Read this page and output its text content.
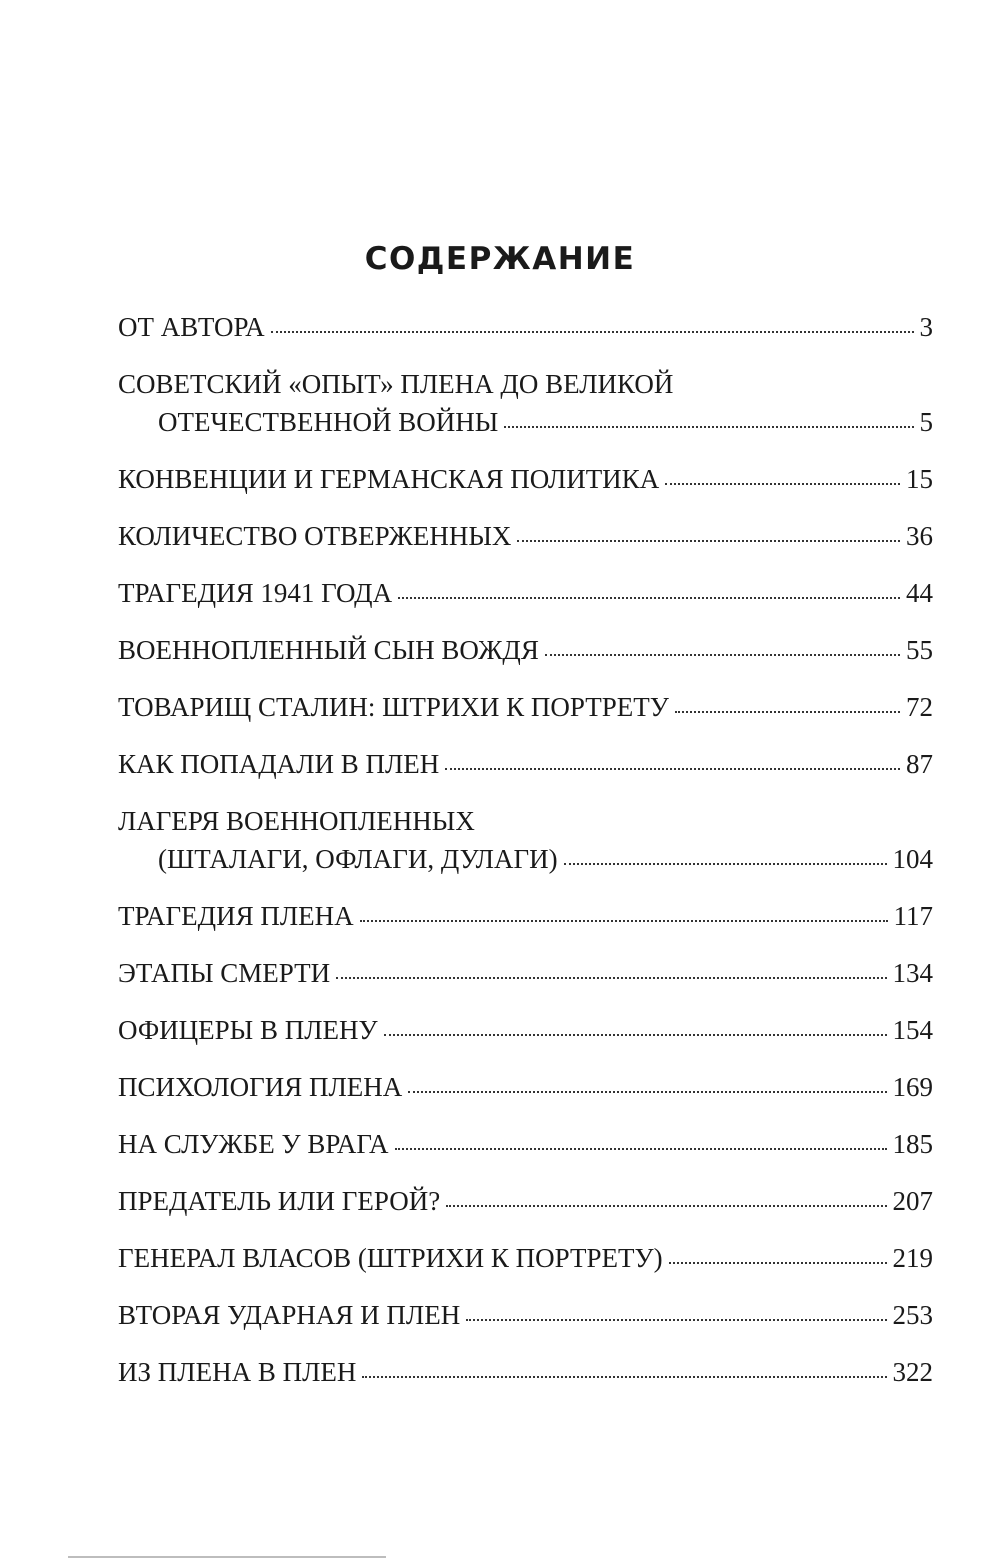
СОДЕРЖАНИЕ
ОТ АВТОРА	3
СОВЕТСКИЙ «ОПЫТ» ПЛЕНА ДО ВЕЛИКОЙ
ОТЕЧЕСТВЕННОЙ ВОЙНЫ	5
КОНВЕНЦИИ И ГЕРМАНСКАЯ ПОЛИТИКА	15
КОЛИЧЕСТВО ОТВЕРЖЕННЫХ	36
ТРАГЕДИЯ 1941 ГОДА	44
ВОЕННОПЛЕННЫЙ СЫН ВОЖДЯ	55
ТОВАРИЩ СТАЛИН: ШТРИХИ К ПОРТРЕТУ	72
КАК ПОПАДАЛИ В ПЛЕН	87
ЛАГЕРЯ ВОЕННОПЛЕННЫХ
(ШТАЛАГИ, ОФЛАГИ, ДУЛАГИ)	104
ТРАГЕДИЯ ПЛЕНА	117
ЭТАПЫ СМЕРТИ	134
ОФИЦЕРЫ В ПЛЕНУ	154
ПСИХОЛОГИЯ ПЛЕНА	169
НА СЛУЖБЕ У ВРАГА	185
ПРЕДАТЕЛЬ ИЛИ ГЕРОЙ?	207
ГЕНЕРАЛ ВЛАСОВ (ШТРИХИ К ПОРТРЕТУ)	219
ВТОРАЯ УДАРНАЯ И ПЛЕН	253
ИЗ ПЛЕНА В ПЛЕН	322
